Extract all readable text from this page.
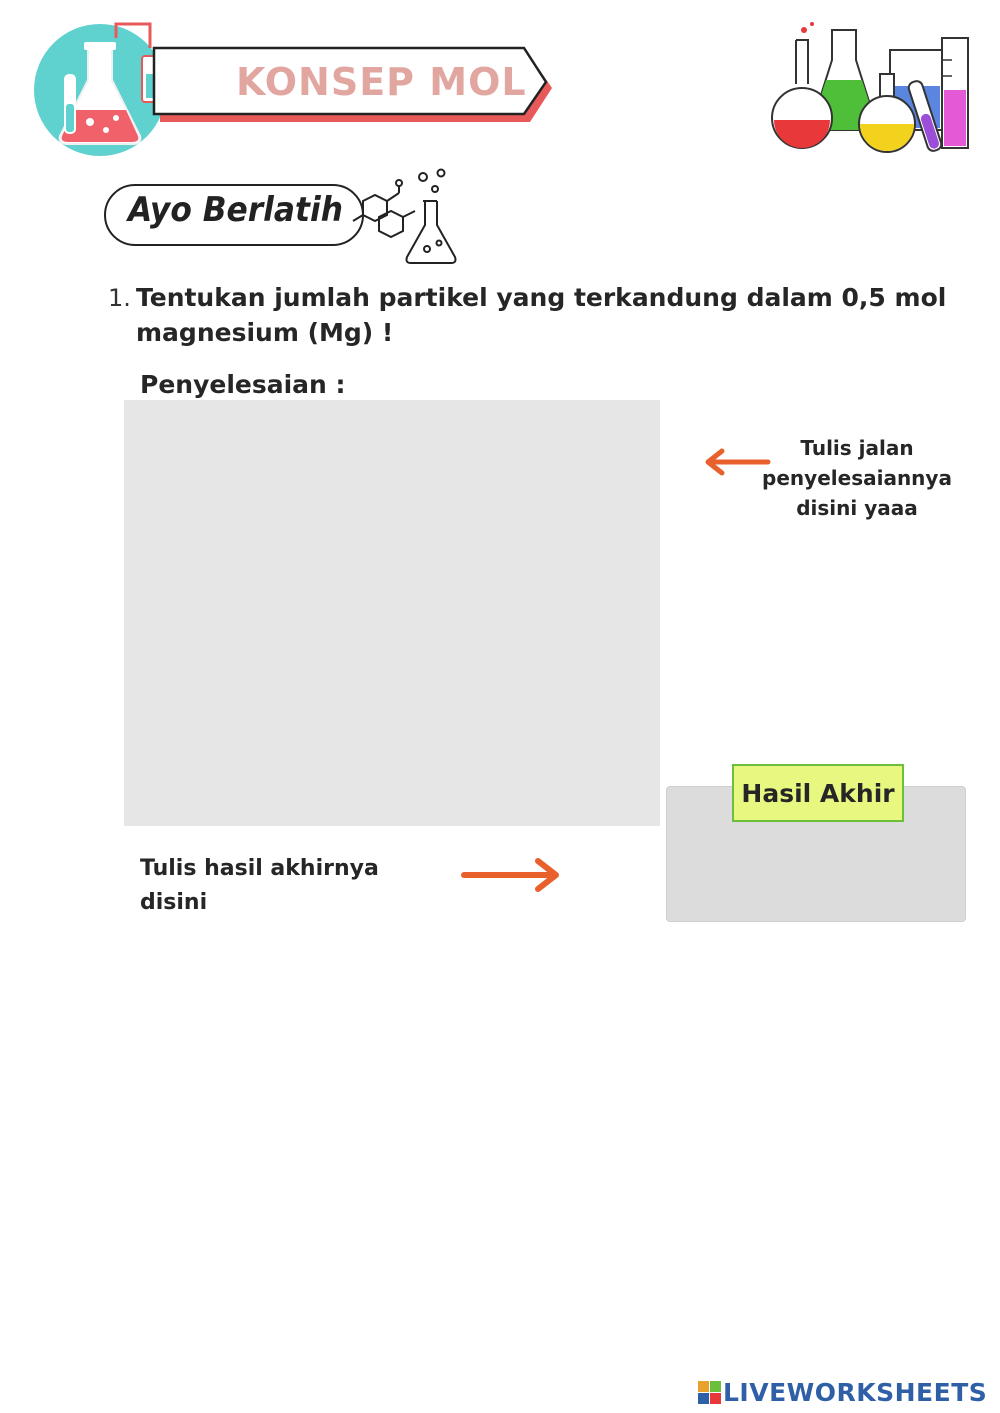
KONSEP MOL
Ayo Berlatih
1. Tentukan jumlah partikel yang terkandung dalam 0,5 mol magnesium (Mg) !
Penyelesaian :
Tulis jalan penyelesaiannya disini yaaa
Hasil Akhir
Tulis hasil akhirnya disini
LIVEWORKSHEETS
